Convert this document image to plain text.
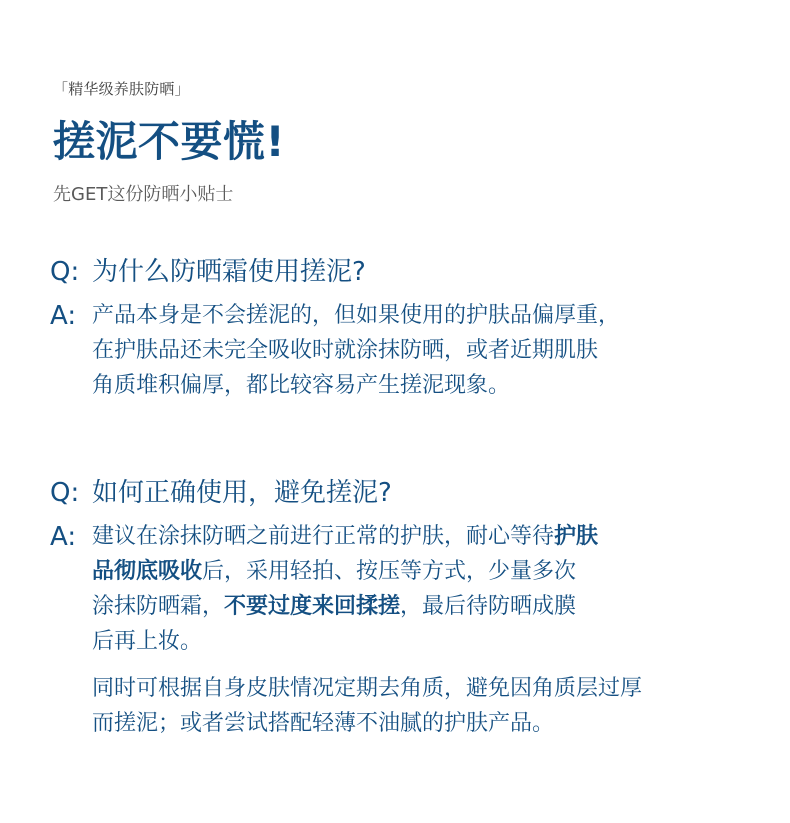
「精华级养肤防晒」
搓泥不要慌!
先GET这份防晒小贴士
Q: 为什么防晒霜使用搓泥?
A: 产品本身是不会搓泥的，但如果使用的护肤品偏厚重，
在护肤品还未完全吸收时就涂抹防晒，或者近期肌肤
角质堆积偏厚，都比较容易产生搓泥现象。
Q: 如何正确使用，避免搓泥?
A: 建议在涂抹防晒之前进行正常的护肤，耐心等待护肤
品彻底吸收后，采用轻拍、按压等方式，少量多次
涂抹防晒霜，不要过度来回揉搓，最后待防晒成膜
后再上妆。
同时可根据自身皮肤情况定期去角质，避免因角质层过厚
而搓泥；或者尝试搭配轻薄不油腻的护肤产品。
